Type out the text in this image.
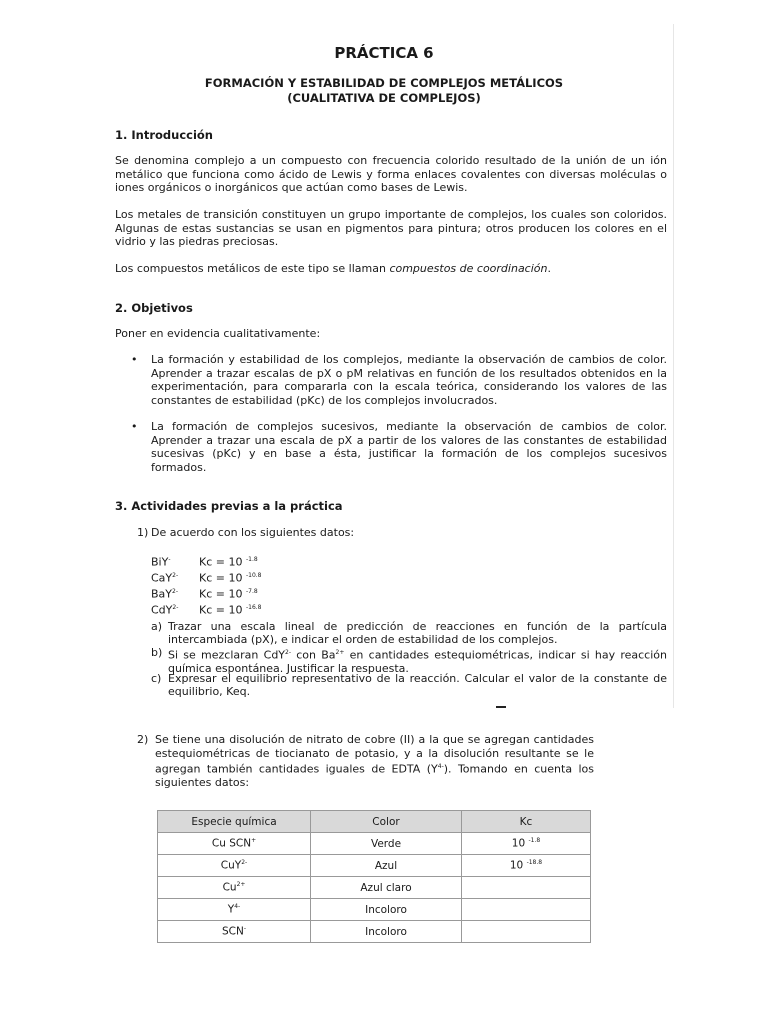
PRÁCTICA 6
FORMACIÓN Y ESTABILIDAD DE COMPLEJOS METÁLICOS
(CUALITATIVA DE COMPLEJOS)
1. Introducción
Se denomina complejo a un compuesto con frecuencia colorido resultado de la unión de un ión metálico que funciona como ácido de Lewis y forma enlaces covalentes con diversas moléculas o iones orgánicos o inorgánicos que actúan como bases de Lewis.
Los metales de transición constituyen un grupo importante de complejos, los cuales son coloridos. Algunas de estas sustancias se usan en pigmentos para pintura; otros producen los colores en el vidrio y las piedras preciosas.
Los compuestos metálicos de este tipo se llaman compuestos de coordinación.
2. Objetivos
Poner en evidencia cualitativamente:
• La formación y estabilidad de los complejos, mediante la observación de cambios de color. Aprender a trazar escalas de pX o pM relativas en función de los resultados obtenidos en la experimentación, para compararla con la escala teórica, considerando los valores de las constantes de estabilidad (pKc) de los complejos involucrados.
• La formación de complejos sucesivos, mediante la observación de cambios de color. Aprender a trazar una escala de pX a partir de los valores de las constantes de estabilidad sucesivas (pKc) y en base a ésta, justificar la formación de los complejos sucesivos formados.
3. Actividades previas a la práctica
1) De acuerdo con los siguientes datos:
BiY-	Kc = 10 $^{-1.8}$
CaY$^{2-}$ Kc = 10 $^{-10.8}$
BaY$^{2-}$ Kc = 10 $^{-7.8}$
CdY$^{2-}$ Kc = 10 $^{-16.8}$
a) Trazar una escala lineal de predicción de reacciones en función de la partícula intercambiada (pX), e indicar el orden de estabilidad de los complejos.
b) Si se mezclaran CdY$^{2-}$ con $Ba^{2+}$ en cantidades estequiométricas, indicar si hay reacción química espontánea. Justificar la respuesta.
c) Expresar el equilibrio representativo de la reacción. Calcular el valor de la constante de equilibrio, Keq.
2) Se tiene una disolución de nitrato de cobre (II) a la que se agregan cantidades estequiométricas de tiocianato de potasio, y a la disolución resultante se le agregan también cantidades iguales de EDTA $(Y^{4-})$. Tomando en cuenta los siguientes datos:
Especie química	Color	Kc
Cu SCN+	Verde	10 $^{-1.8}$
CuY$^{2-}$	Azul	10 $^{-18.8}$
$Cu^{2+}$	Azul claro	
$Y^{4-}$	Incoloro	
SCN-	Incoloro	
